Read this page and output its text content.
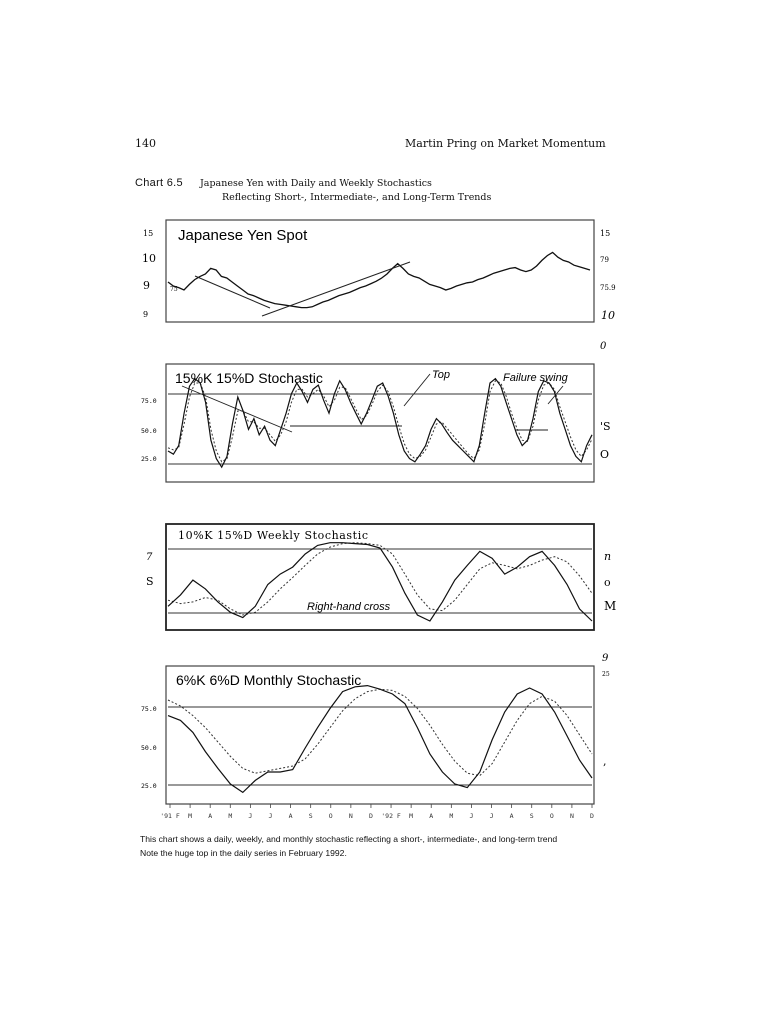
140	Martin Pring on Market Momentum
Chart 6.5 Japanese Yen with Daily and Weekly Stochastics
Reflecting Short-, Intermediate-, and Long-Term Trends
Japanese Yen Spot
15
10
9
9
75
15
79
75.9
10
0
15%K 15%D Stochastic
75.0
50.0
25.0
Top	Failure swing
'S
O
10%K 15%D Weekly Stochastic
7
S
n
o
M
Right-hand cross
9
25
6%K 6%D Monthly Stochastic
75.0
50.0
25.0
,
'91 F M A M J J A S O N D '92 F M A M J J A S O N D
This chart shows a daily, weekly, and monthly stochastic reflecting a short-, intermediate-, and long-term trend
Note the huge top in the daily series in February 1992.
